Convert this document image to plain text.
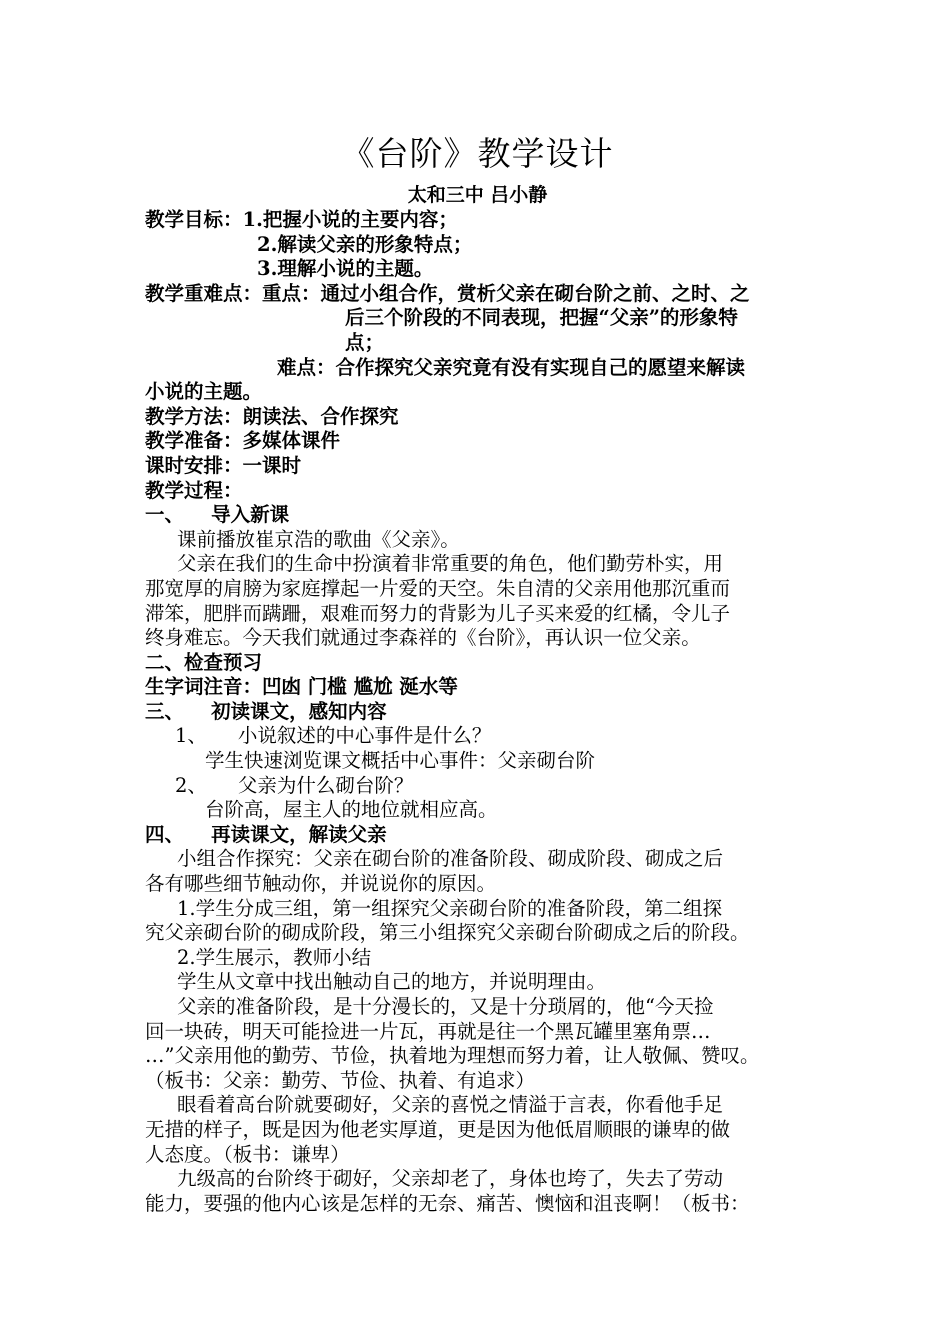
《台阶》教学设计
太和三中 吕小静
教学目标：1.把握小说的主要内容；
2.解读父亲的形象特点；
3.理解小说的主题。
教学重难点：重点：通过小组合作，赏析父亲在砌台阶之前、之时、之
后三个阶段的不同表现，把握“父亲”的形象特
点；
难点：合作探究父亲究竟有没有实现自己的愿望来解读
小说的主题。
教学方法：朗读法、合作探究
教学准备：多媒体课件
课时安排：一课时
教学过程：
一、    导入新课
课前播放崔京浩的歌曲《父亲》。
父亲在我们的生命中扮演着非常重要的角色，他们勤劳朴实，用
那宽厚的肩膀为家庭撑起一片爱的天空。朱自清的父亲用他那沉重而
滞笨，肥胖而蹒跚，艰难而努力的背影为儿子买来爱的红橘，令儿子
终身难忘。今天我们就通过李森祥的《台阶》，再认识一位父亲。
二、检查预习
生字词注音：凹凼 门槛 尴尬 涎水等
三、    初读课文，感知内容
1、     小说叙述的中心事件是什么？
学生快速浏览课文概括中心事件：父亲砌台阶
2、     父亲为什么砌台阶？
台阶高，屋主人的地位就相应高。
四、    再读课文，解读父亲
小组合作探究：父亲在砌台阶的准备阶段、砌成阶段、砌成之后
各有哪些细节触动你，并说说你的原因。
1.学生分成三组，第一组探究父亲砌台阶的准备阶段，第二组探
究父亲砌台阶的砌成阶段，第三小组探究父亲砌台阶砌成之后的阶段。
2.学生展示，教师小结
学生从文章中找出触动自己的地方，并说明理由。
父亲的准备阶段，是十分漫长的，又是十分琐屑的，他“今天捡
回一块砖，明天可能捡进一片瓦，再就是往一个黑瓦罐里塞角票…
…”父亲用他的勤劳、节俭，执着地为理想而努力着，让人敬佩、赞叹。
（板书：父亲：勤劳、节俭、执着、有追求）
眼看着高台阶就要砌好，父亲的喜悦之情溢于言表，你看他手足
无措的样子，既是因为他老实厚道，更是因为他低眉顺眼的谦卑的做
人态度。（板书：谦卑）
九级高的台阶终于砌好，父亲却老了，身体也垮了，失去了劳动
能力，要强的他内心该是怎样的无奈、痛苦、懊恼和沮丧啊！（板书：
